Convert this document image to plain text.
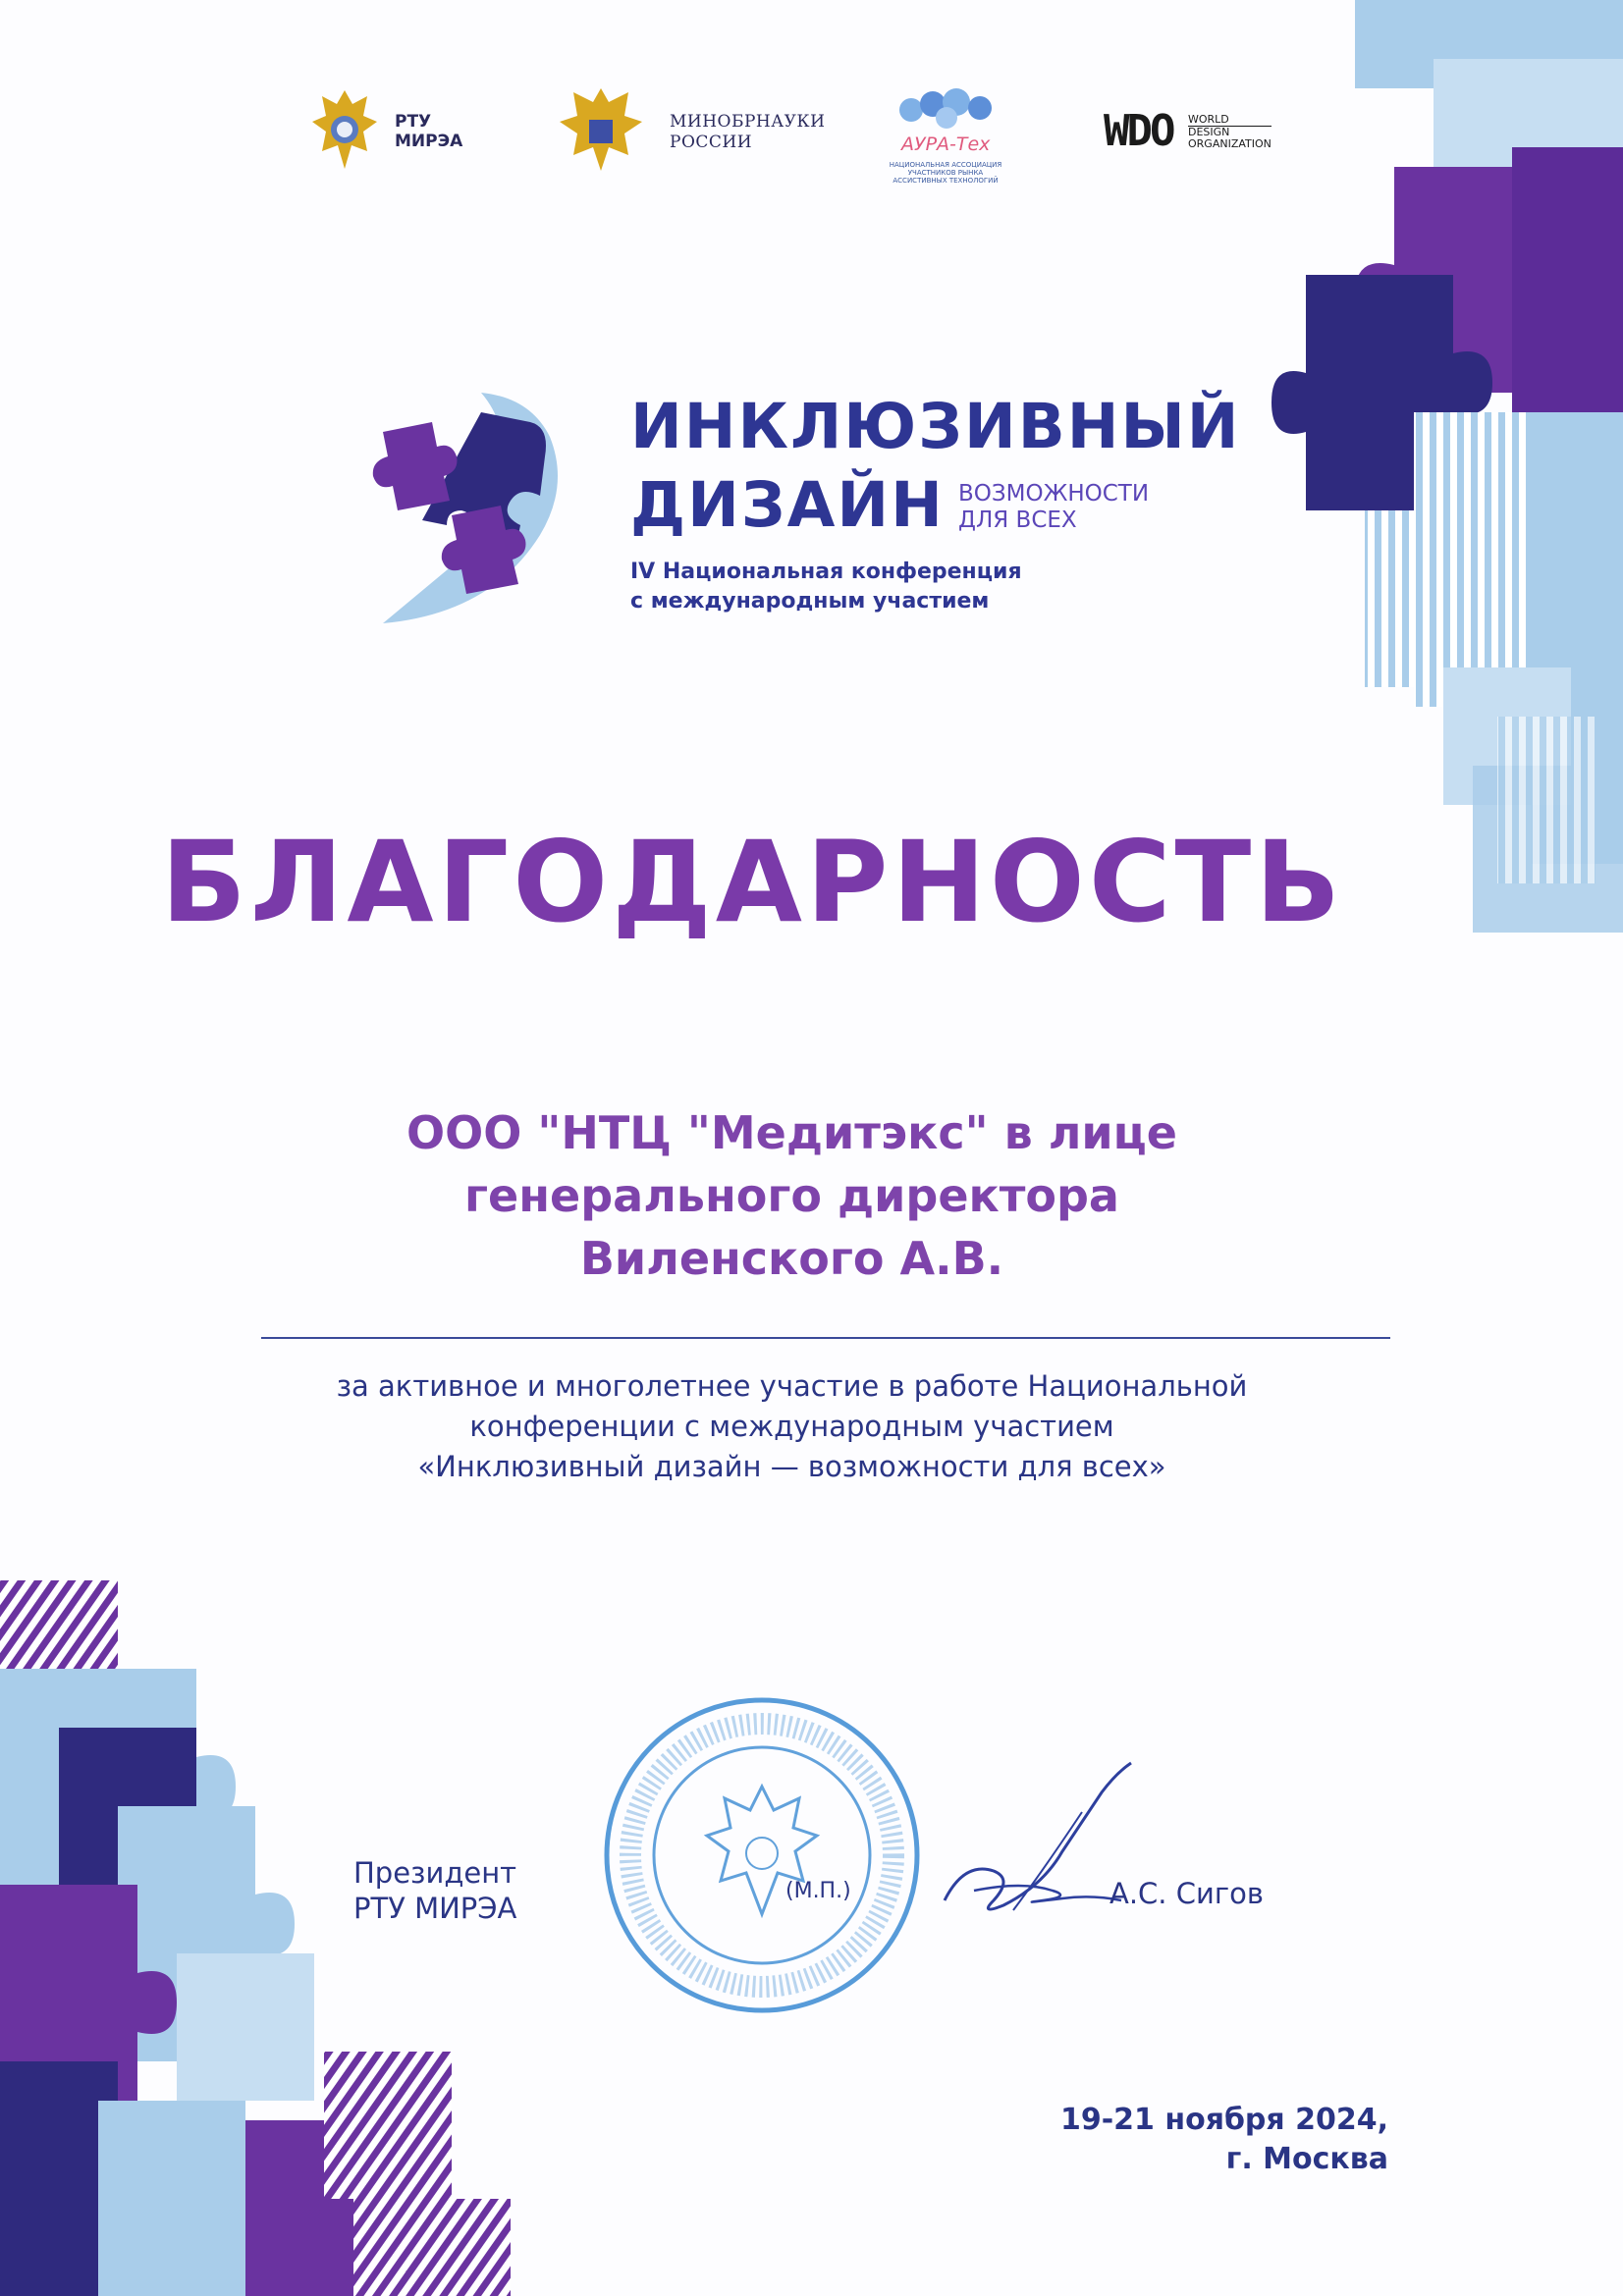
РТУ
МИРЭА
МИНОБРНАУКИ
РОССИИ	АУРА-Тех
НАЦИОНАЛЬНАЯ АССОЦИАЦИЯ
УЧАСТНИКОВ РЫНКА
АССИСТИВНЫХ ТЕХНОЛОГИЙ
WDO WORLD
DESIGN
ORGANIZATION
ИНКЛЮЗИВНЫЙ
ДИЗАЙН ВОЗМОЖНОСТИ
ДЛЯ ВСЕХ
IV Национальная конференция
с международным участием
БЛАГОДАРНОСТЬ
ООО "НТЦ "Медитэкс" в лице
генерального директора
Виленского А.В.
за активное и многолетнее участие в работе Национальной
конференции с международным участием
«Инклюзивный дизайн — возможности для всех»
Президент
РТУ МИРЭА
(М.П.)	А.С. Сигов
19-21 ноября 2024,
г. Москва
